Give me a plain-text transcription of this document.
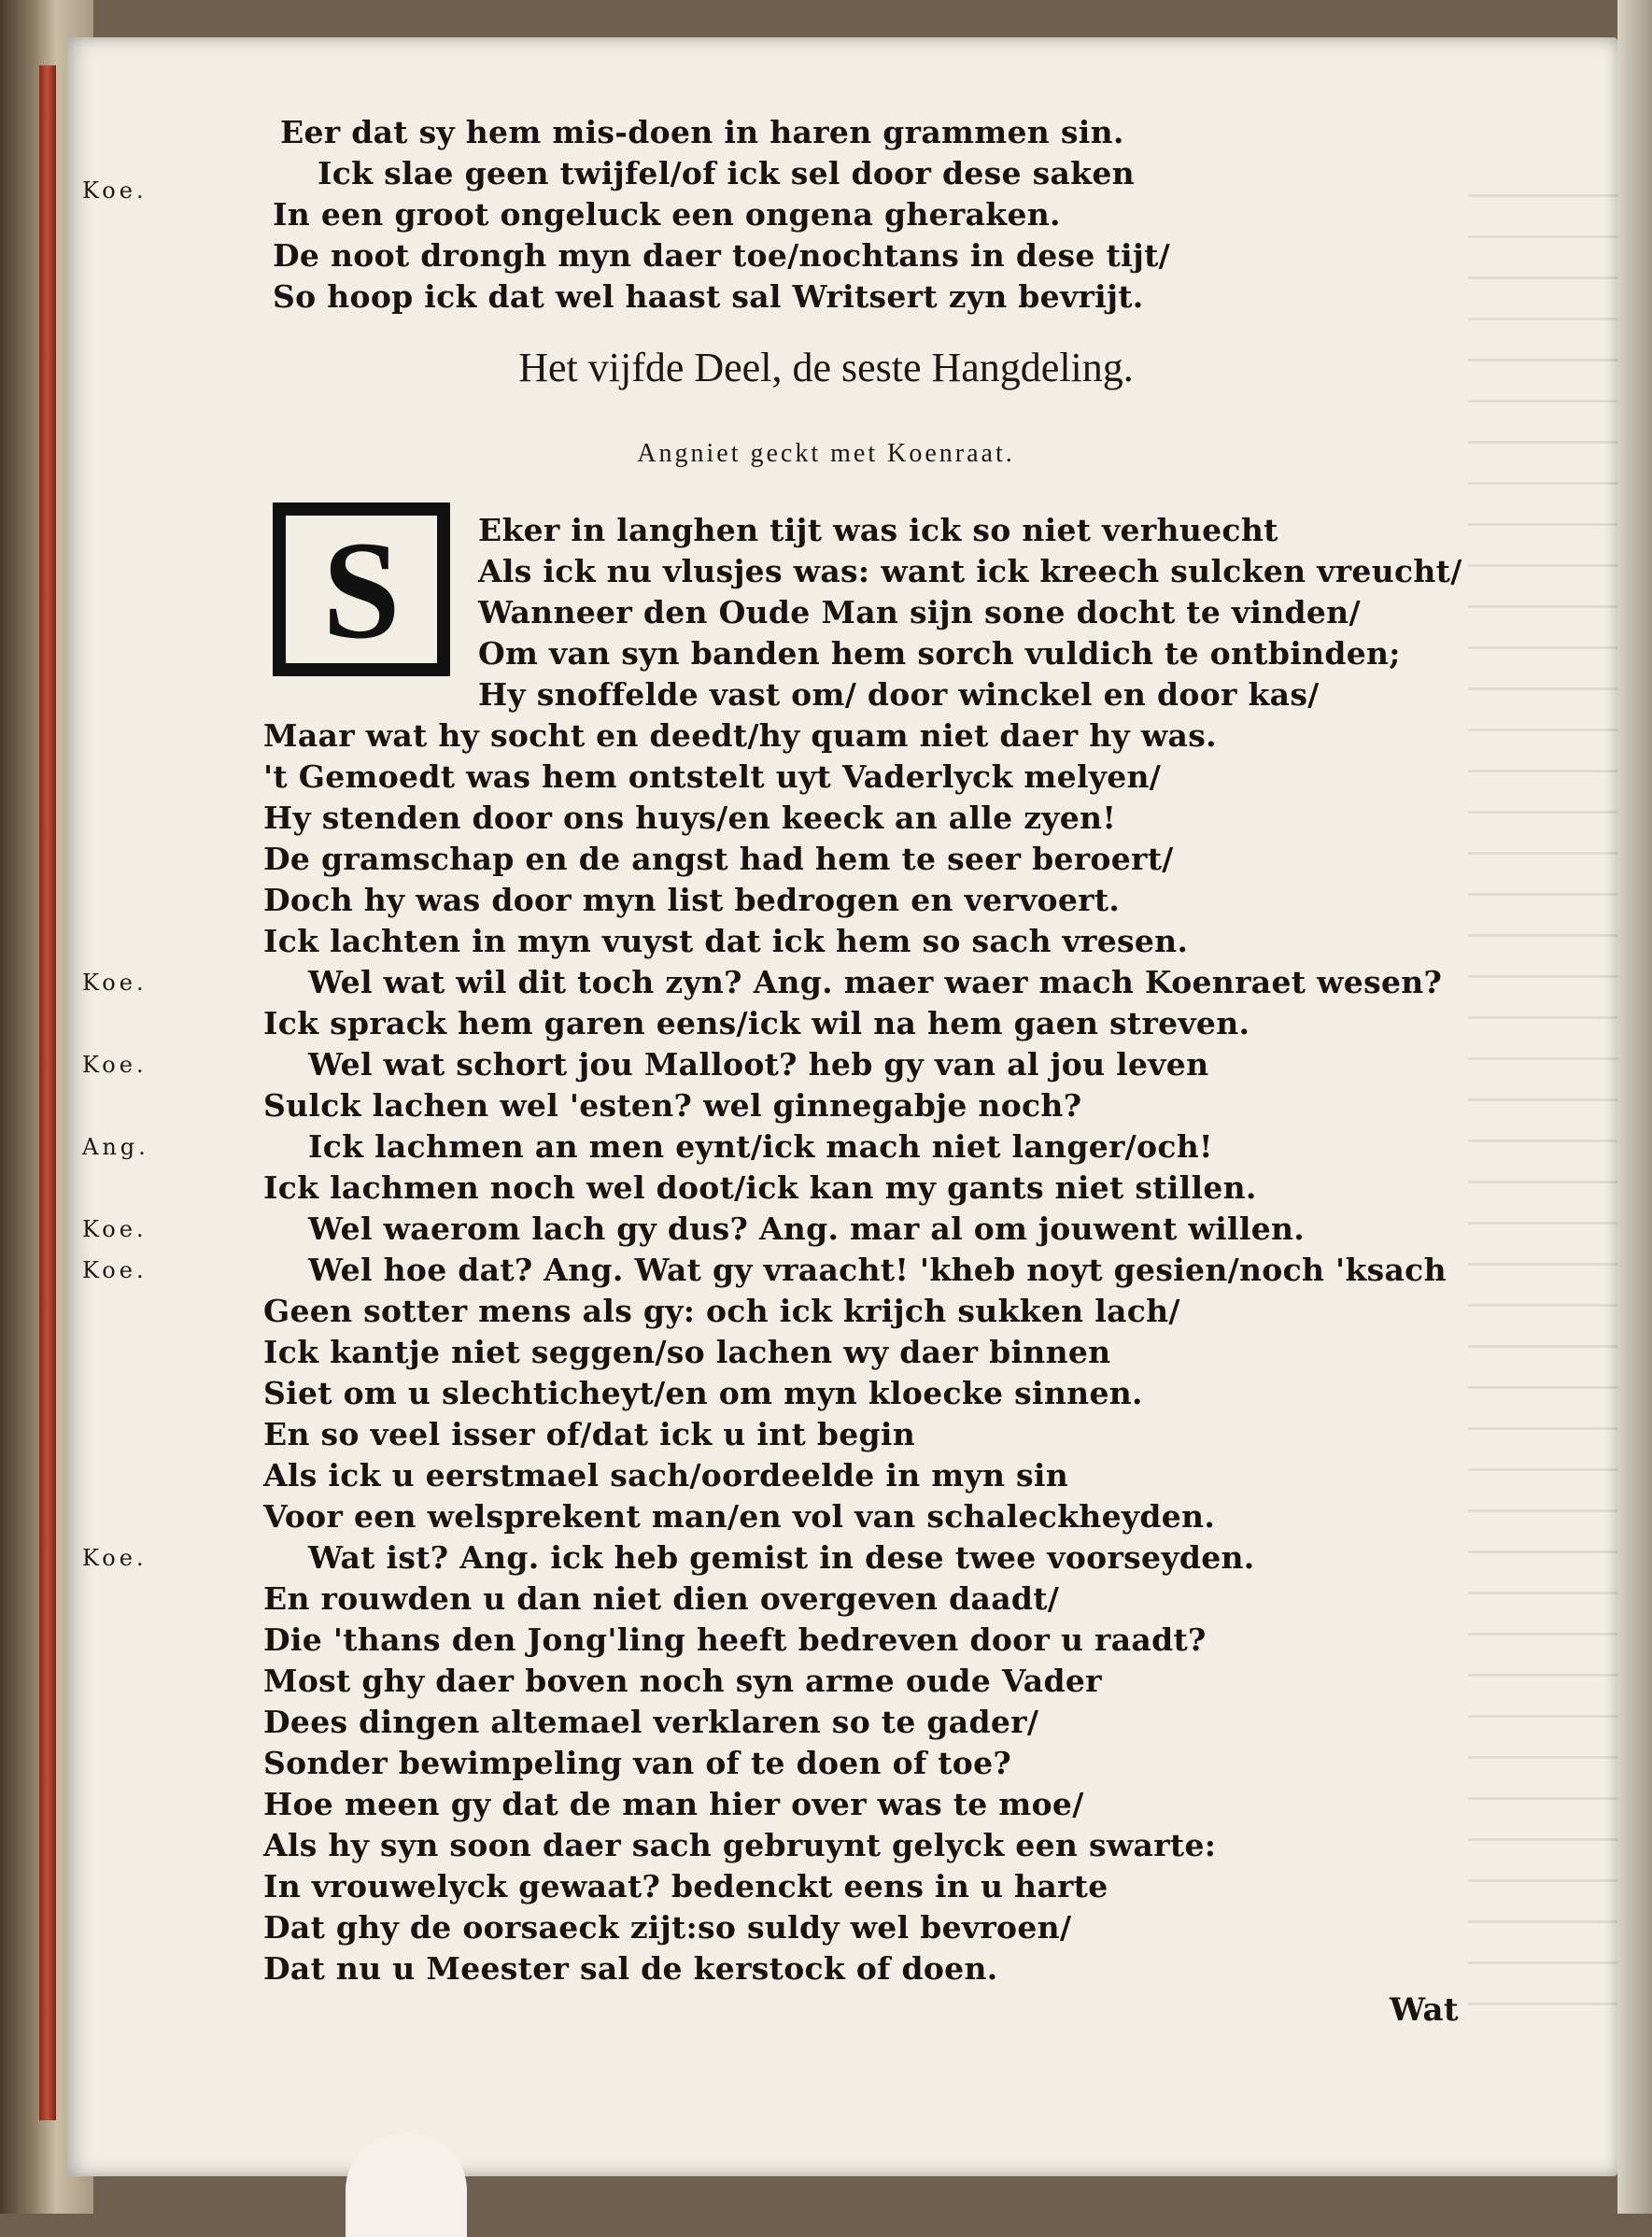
Eer dat sy hem mis-doen in haren grammen sin.
Ick slae geen twijfel/of ick sel door dese saken
In een groot ongeluck een ongena gheraken.
De noot drongh myn daer toe/nochtans in dese tijt/
So hoop ick dat wel haast sal Writsert zyn bevrijt.
Koe.
Het vijfde Deel, de seste Hangdeling.
Angniet geckt met Koenraat.
S	Eker in langhen tijt was ick so niet verhuecht
Als ick nu vlusjes was: want ick kreech sulcken vreucht/
Wanneer den Oude Man sijn sone docht te vinden/
Om van syn banden hem sorch vuldich te ontbinden;
Hy snoffelde vast om/ door winckel en door kas/
Maar wat hy socht en deedt/hy quam niet daer hy was.
't Gemoedt was hem ontstelt uyt Vaderlyck melyen/
Hy stenden door ons huys/en keeck an alle zyen!
De gramschap en de angst had hem te seer beroert/
Doch hy was door myn list bedrogen en vervoert.
Ick lachten in myn vuyst dat ick hem so sach vresen.
Koe.	Wel wat wil dit toch zyn? Ang. maer waer mach Koenraet wesen?
Ick sprack hem garen eens/ick wil na hem gaen streven.
Koe.	Wel wat schort jou Malloot? heb gy van al jou leven
Sulck lachen wel 'esten? wel ginnegabje noch?
Ang.	Ick lachmen an men eynt/ick mach niet langer/och!
Ick lachmen noch wel doot/ick kan my gants niet stillen.
Koe.	Wel waerom lach gy dus? Ang. mar al om jouwent willen.
Koe.	Wel hoe dat? Ang. Wat gy vraacht! 'kheb noyt gesien/noch 'ksach
Geen sotter mens als gy: och ick krijch sukken lach/
Ick kantje niet seggen/so lachen wy daer binnen
Siet om u slechticheyt/en om myn kloecke sinnen.
En so veel isser of/dat ick u int begin
Als ick u eerstmael sach/oordeelde in myn sin
Voor een welsprekent man/en vol van schaleckheyden.
Koe.	Wat ist? Ang. ick heb gemist in dese twee voorseyden.
En rouwden u dan niet dien overgeven daadt/
Die 'thans den Jong'ling heeft bedreven door u raadt?
Most ghy daer boven noch syn arme oude Vader
Dees dingen altemael verklaren so te gader/
Sonder bewimpeling van of te doen of toe?
Hoe meen gy dat de man hier over was te moe/
Als hy syn soon daer sach gebruynt gelyck een swarte:
In vrouwelyck gewaat? bedenckt eens in u harte
Dat ghy de oorsaeck zijt:so suldy wel bevroen/
Dat nu u Meester sal de kerstock of doen.
Wat
